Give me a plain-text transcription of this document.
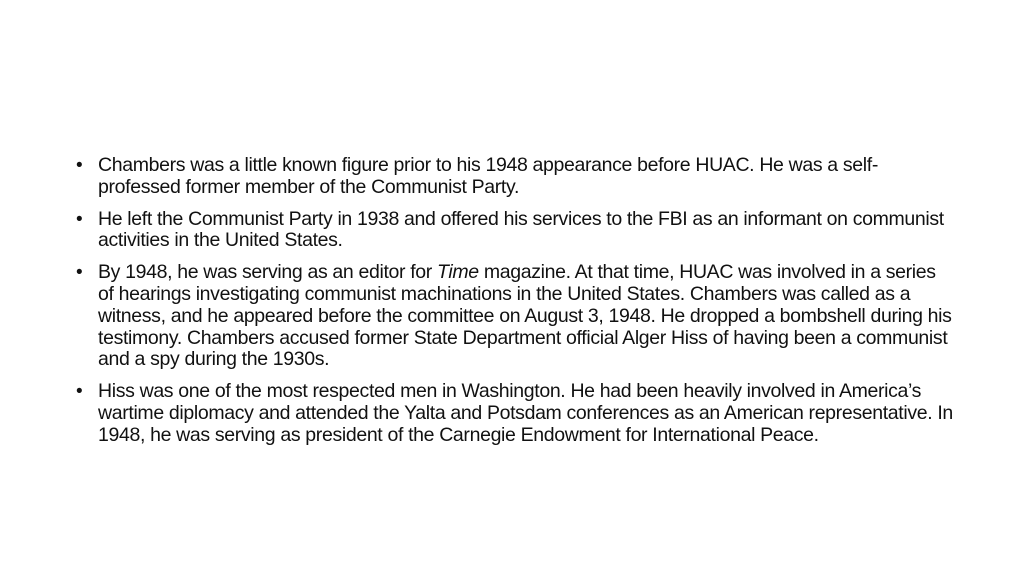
• Chambers was a little known figure prior to his 1948 appearance before HUAC. He was a self-professed former member of the Communist Party.
• He left the Communist Party in 1938 and offered his services to the FBI as an informant on communist activities in the United States.
• By 1948, he was serving as an editor for Time magazine. At that time, HUAC was involved in a series of hearings investigating communist machinations in the United States. Chambers was called as a witness, and he appeared before the committee on August 3, 1948. He dropped a bombshell during his testimony. Chambers accused former State Department official Alger Hiss of having been a communist and a spy during the 1930s.
• Hiss was one of the most respected men in Washington. He had been heavily involved in America’s wartime diplomacy and attended the Yalta and Potsdam conferences as an American representative. In 1948, he was serving as president of the Carnegie Endowment for International Peace.
